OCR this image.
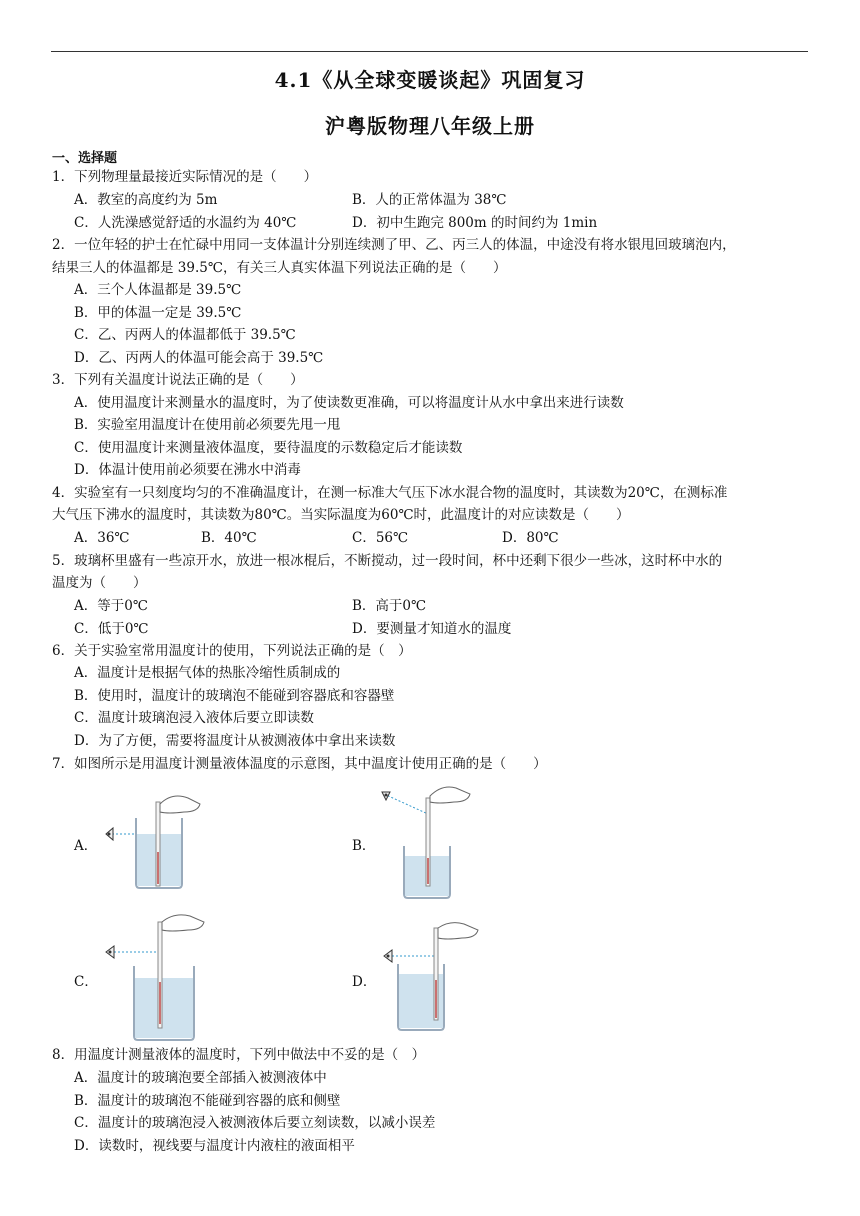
4.1《从全球变暖谈起》巩固复习
沪粤版物理八年级上册
一、选择题
1．下列物理量最接近实际情况的是（　　）
A．教室的高度约为 5m	B．人的正常体温为 38℃
C．人洗澡感觉舒适的水温约为 40℃	D．初中生跑完 800m 的时间约为 1min
2．一位年轻的护士在忙碌中用同一支体温计分别连续测了甲、乙、丙三人的体温，中途没有将水银甩回玻璃泡内，
结果三人的体温都是 39.5℃，有关三人真实体温下列说法正确的是（　　）
A．三个人体温都是 39.5℃
B．甲的体温一定是 39.5℃
C．乙、丙两人的体温都低于 39.5℃
D．乙、丙两人的体温可能会高于 39.5℃
3．下列有关温度计说法正确的是（　　）
A．使用温度计来测量水的温度时，为了使读数更准确，可以将温度计从水中拿出来进行读数
B．实验室用温度计在使用前必须要先甩一甩
C．使用温度计来测量液体温度，要待温度的示数稳定后才能读数
D．体温计使用前必须要在沸水中消毒
4．实验室有一只刻度均匀的不准确温度计，在测一标准大气压下冰水混合物的温度时，其读数为20℃，在测标准
大气压下沸水的温度时，其读数为80℃。当实际温度为60℃时，此温度计的对应读数是（　　）
A．36℃	B．40℃	C．56℃	D．80℃
5．玻璃杯里盛有一些凉开水，放进一根冰棍后，不断搅动，过一段时间，杯中还剩下很少一些冰，这时杯中水的
温度为（　　）
A．等于0℃	B．高于0℃
C．低于0℃	D．要测量才知道水的温度
6．关于实验室常用温度计的使用，下列说法正确的是（　）
A．温度计是根据气体的热胀冷缩性质制成的
B．使用时，温度计的玻璃泡不能碰到容器底和容器壁
C．温度计玻璃泡浸入液体后要立即读数
D．为了方便，需要将温度计从被测液体中拿出来读数
7．如图所示是用温度计测量液体温度的示意图，其中温度计使用正确的是（　　）
A．	B．
C．	D．
8．用温度计测量液体的温度时，下列中做法中不妥的是（　）
A．温度计的玻璃泡要全部插入被测液体中
B．温度计的玻璃泡不能碰到容器的底和侧壁
C．温度计的玻璃泡浸入被测液体后要立刻读数，以减小误差
D．读数时，视线要与温度计内液柱的液面相平
